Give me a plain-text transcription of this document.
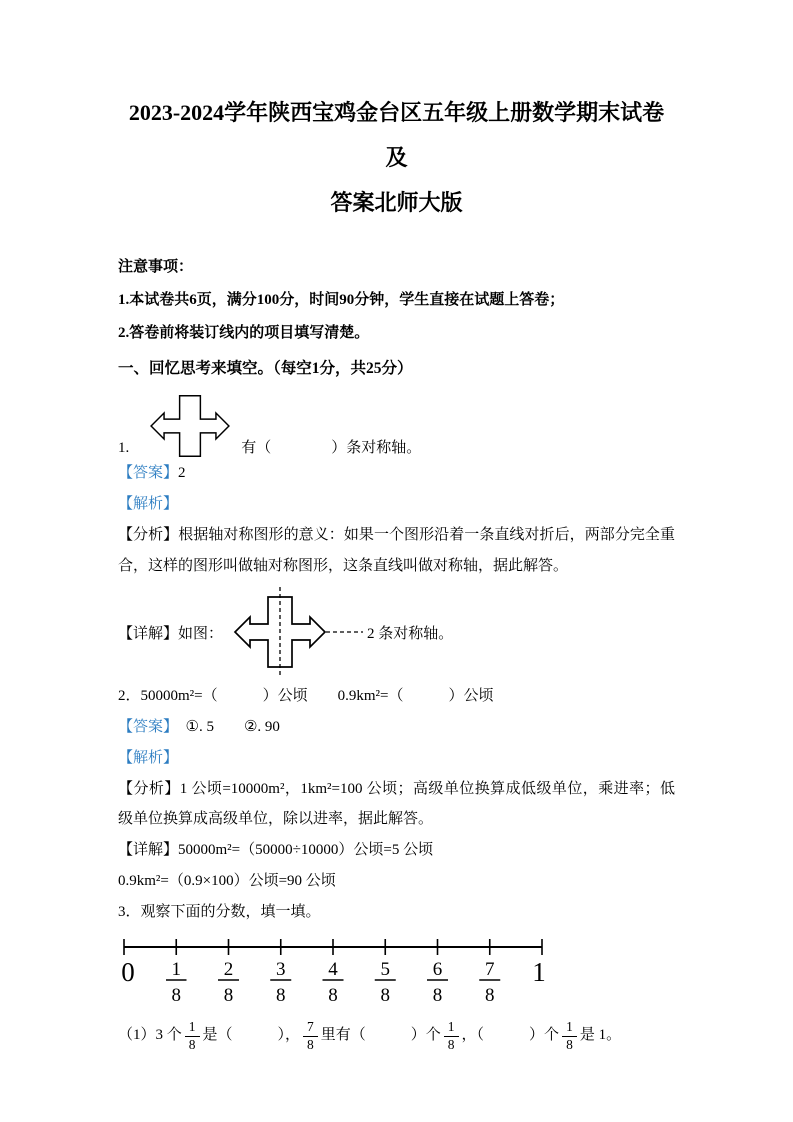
2023-2024学年陕西宝鸡金台区五年级上册数学期末试卷及
答案北师大版

注意事项：

1.本试卷共6页，满分100分，时间90分钟，学生直接在试题上答卷；

2.答卷前将装订线内的项目填写清楚。

一、回忆思考来填空。（每空1分，共25分）

1.	有（　　　　）条对称轴。

【答案】2

【解析】

【分析】根据轴对称图形的意义：如果一个图形沿着一条直线对折后，两部分完全重合，这样的图形叫做轴对称图形，这条直线叫做对称轴，据此解答。

【详解】如图：	2 条对称轴。

2．50000m²=（　　　）公顷　　0.9km²=（　　　）公顷

【答案】　①. 5　　②. 90

【解析】

【分析】1 公顷=10000m²，1km²=100 公顷；高级单位换算成低级单位，乘进率；低级单位换算成高级单位，除以进率，据此解答。

【详解】50000m²=（50000÷10000）公顷=5 公顷

0.9km²=（0.9×100）公顷=90 公顷

3．观察下面的分数，填一填。

0 1
8
2
8
3
8
4
8
5
8
6
8
7
8
1
（1）3 个 $\frac{1}{8}$ 是（　　　）， $\frac{7}{8}$ 里有（　　　）个 $\frac{1}{8}$ ，（　　　）个 $\frac{1}{8}$ 是 1。
